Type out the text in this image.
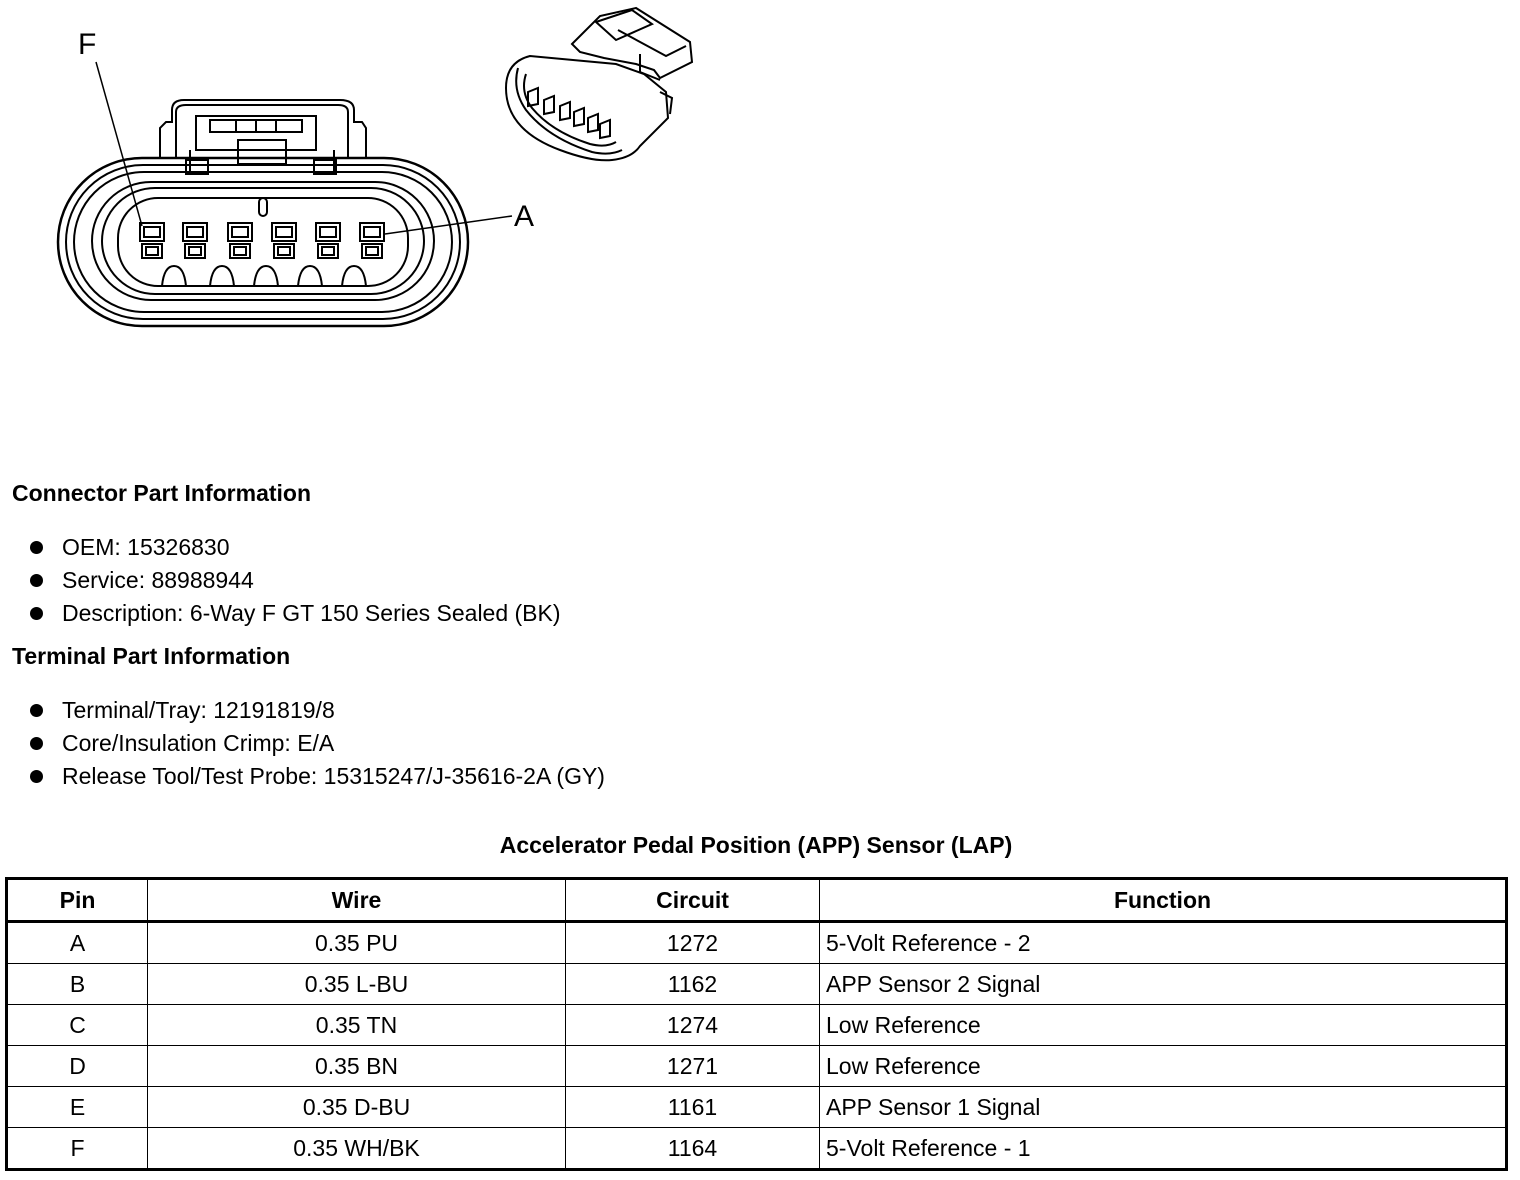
F
A
Connector Part Information
OEM: 15326830
Service: 88988944
Description: 6-Way F GT 150 Series Sealed (BK)
Terminal Part Information
Terminal/Tray: 12191819/8
Core/Insulation Crimp: E/A
Release Tool/Test Probe: 15315247/J-35616-2A (GY)
Accelerator Pedal Position (APP) Sensor (LAP)
Pin	Wire	Circuit	Function
A	0.35 PU	1272	5-Volt Reference - 2
B	0.35 L-BU	1162	APP Sensor 2 Signal
C	0.35 TN	1274	Low Reference
D	0.35 BN	1271	Low Reference
E	0.35 D-BU	1161	APP Sensor 1 Signal
F	0.35 WH/BK	1164	5-Volt Reference - 1
